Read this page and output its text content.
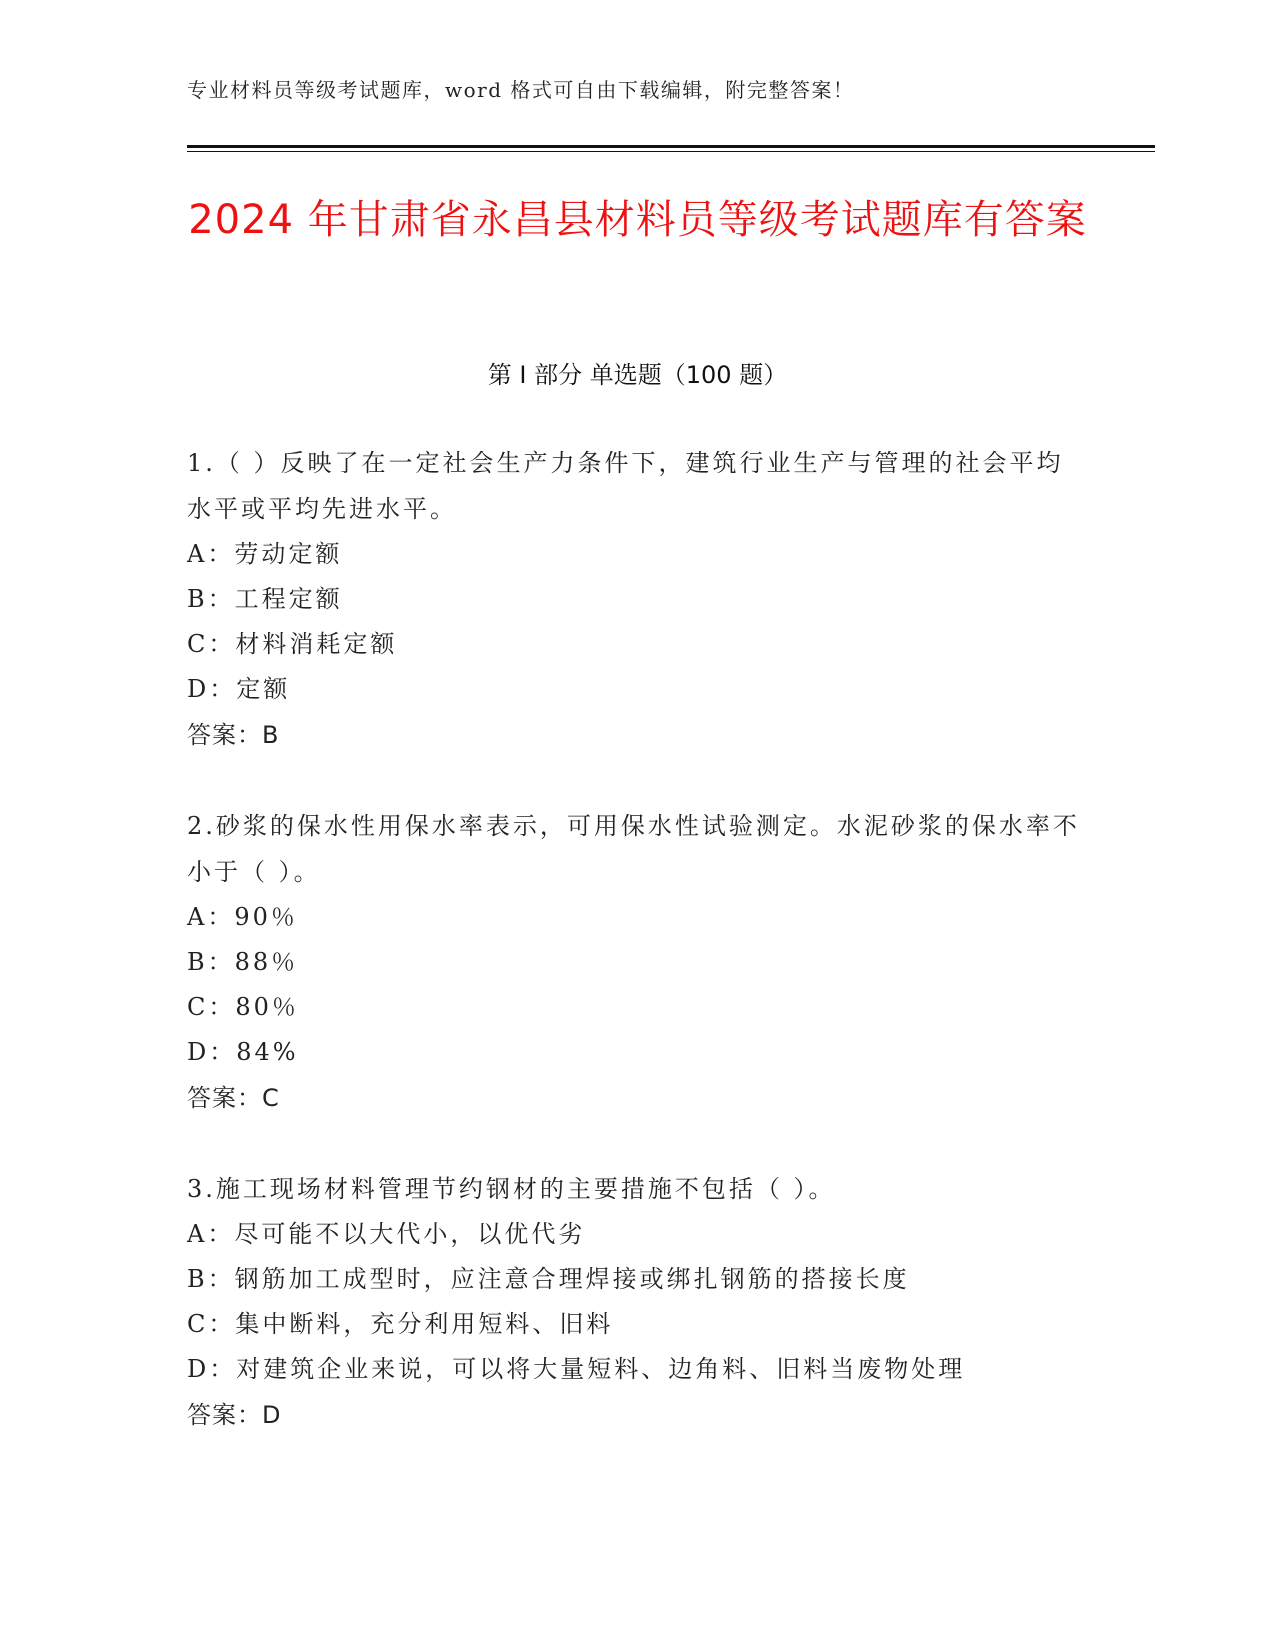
专业材料员等级考试题库，word 格式可自由下载编辑，附完整答案！
2024 年甘肃省永昌县材料员等级考试题库有答案
第 I 部分 单选题（100 题）
1.（ ）反映了在一定社会生产力条件下，建筑行业生产与管理的社会平均水平或平均先进水平。
A：劳动定额
B：工程定额
C：材料消耗定额
D：定额
答案：B
2.砂浆的保水性用保水率表示，可用保水性试验测定。水泥砂浆的保水率不小于（ ）。
A：90％
B：88％
C：80％
D：84%
答案：C
3.施工现场材料管理节约钢材的主要措施不包括（ ）。
A：尽可能不以大代小，以优代劣
B：钢筋加工成型时，应注意合理焊接或绑扎钢筋的搭接长度
C：集中断料，充分利用短料、旧料
D：对建筑企业来说，可以将大量短料、边角料、旧料当废物处理
答案：D
